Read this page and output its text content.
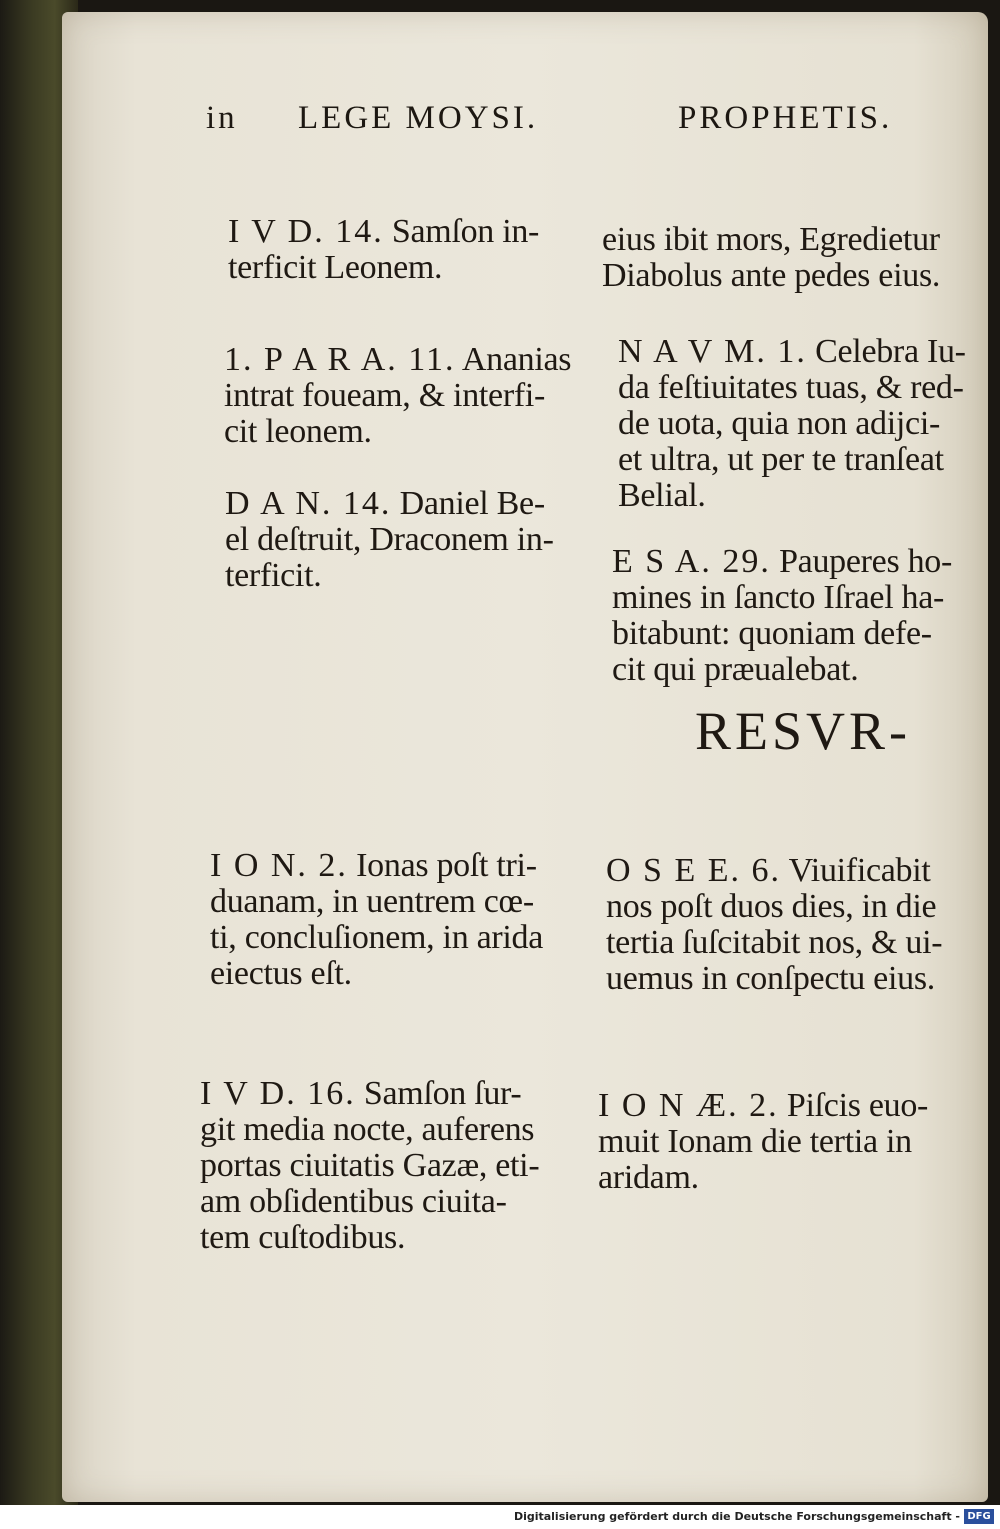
in LEGE MOYSI.	PROPHETIS.

I V D. 14. Samſon in-
terficit Leonem.

1. P A R A. 11. Ananias
intrat foueam, & interfi-
cit leonem.

D A N. 14. Daniel Be-
el deſtruit, Draconem in-
terficit.

I O N. 2. Ionas poſt tri-
duanam, in uentrem cœ-
ti, concluſionem, in arida
eiectus eſt.

I V D. 16. Samſon ſur-
git media nocte, auferens
portas ciuitatis Gazæ, eti-
am obſidentibus ciuita-
tem cuſtodibus.

eius ibit mors, Egredietur
Diabolus ante pedes eius.

N A V M. 1. Celebra Iu-
da feſtiuitates tuas, & red-
de uota, quia non adijci-
et ultra, ut per te tranſeat
Belial.

E S A. 29. Pauperes ho-
mines in ſancto Iſrael ha-
bitabunt: quoniam defe-
cit qui præualebat.

O S E E. 6. Viuificabit
nos poſt duos dies, in die
tertia ſuſcitabit nos, & ui-
uemus in conſpectu eius.

I O N Æ. 2. Piſcis euo-
muit Ionam die tertia in
aridam.

RESVR-
Digitalisierung gefördert durch die Deutsche Forschungsgemeinschaft - DFG
